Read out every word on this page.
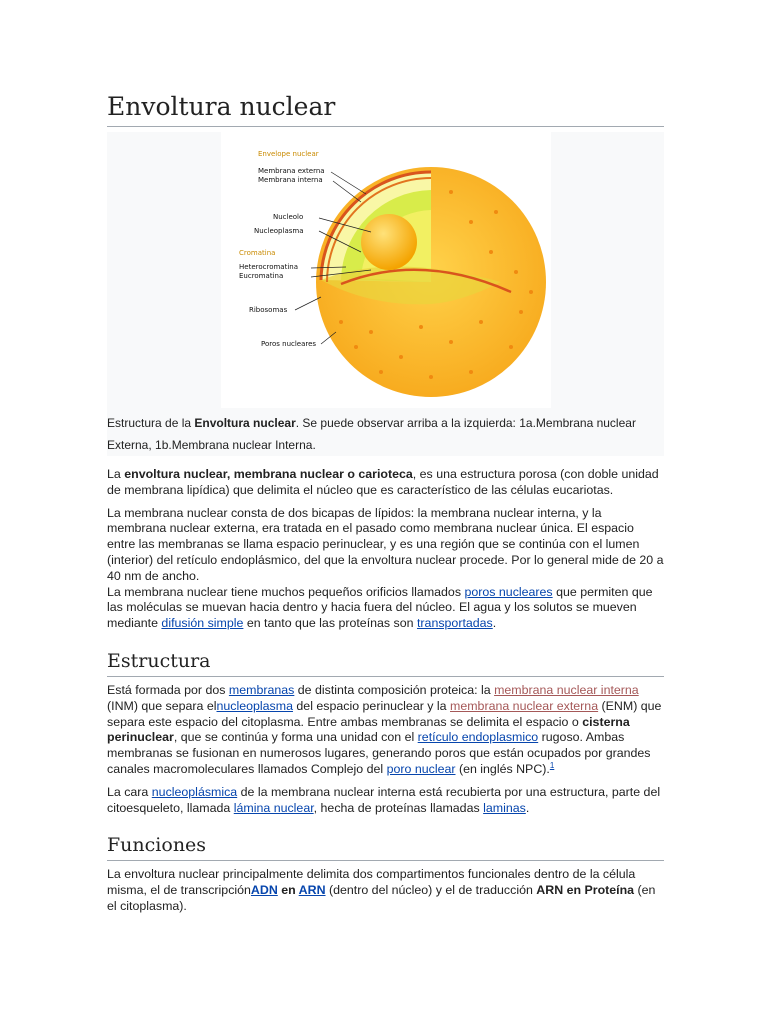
Envoltura nuclear
Envelope nuclear
Membrana externa
Membrana interna
Nucleolo
Nucleoplasma
Cromatina
Heterocromatina
Eucromatina
Ribosomas
Poros nucleares
Estructura de la Envoltura nuclear. Se puede observar arriba a la izquierda: 1a.Membrana nuclear Externa, 1b.Membrana nuclear Interna.

La envoltura nuclear, membrana nuclear o carioteca, es una estructura porosa (con doble unidad de membrana lipídica) que delimita el núcleo que es característico de las células eucariotas.

La membrana nuclear consta de dos bicapas de lípidos: la membrana nuclear interna, y la membrana nuclear externa, era tratada en el pasado como membrana nuclear única. El espacio entre las membranas se llama espacio perinuclear, y es una región que se continúa con el lumen (interior) del retículo endoplásmico, del que la envoltura nuclear procede. Por lo general mide de 20 a 40 nm de ancho.

La membrana nuclear tiene muchos pequeños orificios llamados poros nucleares que permiten que las moléculas se muevan hacia dentro y hacia fuera del núcleo. El agua y los solutos se mueven mediante difusión simple en tanto que las proteínas son transportadas.

Estructura

Está formada por dos membranas de distinta composición proteica: la membrana nuclear interna (INM) que separa elnucleoplasma del espacio perinuclear y la membrana nuclear externa (ENM) que separa este espacio del citoplasma. Entre ambas membranas se delimita el espacio o cisterna perinuclear, que se continúa y forma una unidad con el retículo endoplasmico rugoso. Ambas membranas se fusionan en numerosos lugares, generando poros que están ocupados por grandes canales macromoleculares llamados Complejo del poro nuclear (en inglés NPC).$^1$

La cara nucleoplásmica de la membrana nuclear interna está recubierta por una estructura, parte del citoesqueleto, llamada lámina nuclear, hecha de proteínas llamadas laminas.

Funciones

La envoltura nuclear principalmente delimita dos compartimentos funcionales dentro de la célula misma, el de transcripciónADN en ARN (dentro del núcleo) y el de traducción ARN en Proteína (en el citoplasma).
